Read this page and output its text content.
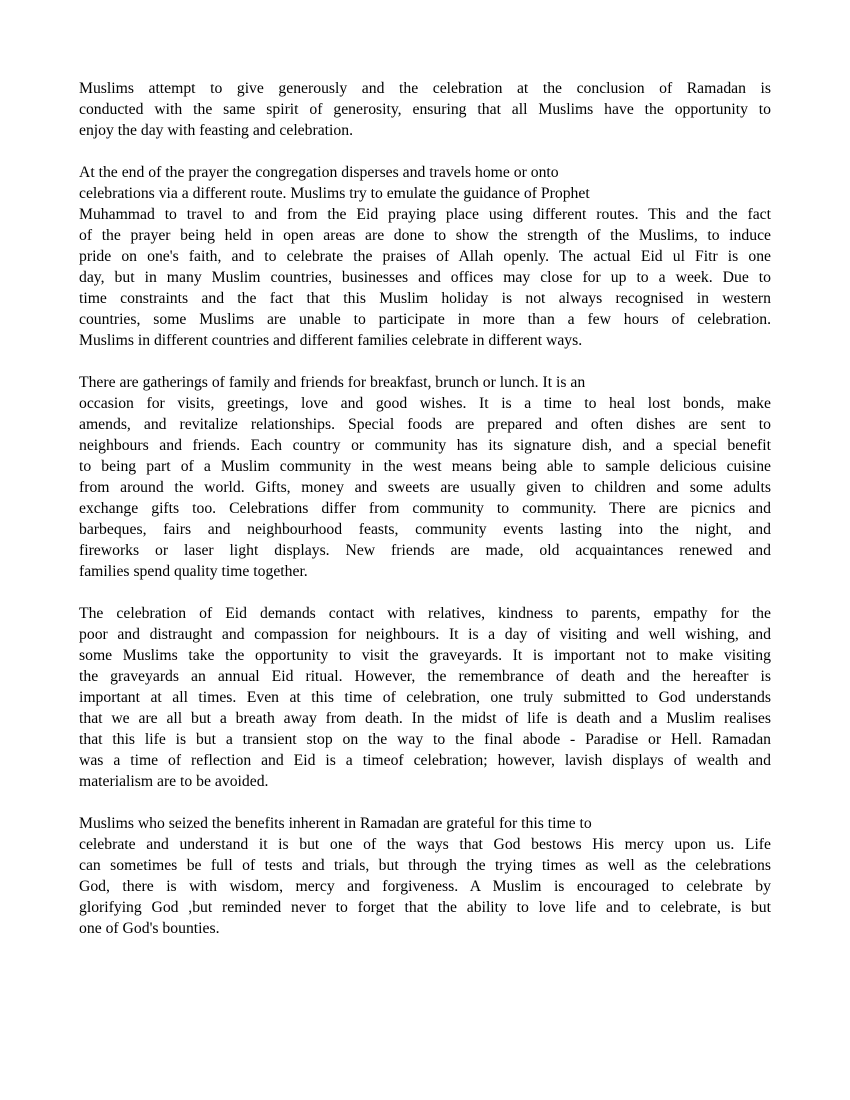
Muslims attempt to give generously and the celebration at the conclusion of Ramadan is
conducted with the same spirit of generosity, ensuring that all Muslims have the opportunity to
enjoy the day with feasting and celebration.

At the end of the prayer the congregation disperses and travels home or onto
celebrations via a different route. Muslims try to emulate the guidance of Prophet
Muhammad to travel to and from the Eid praying place using different routes. This and the fact
of the prayer being held in open areas are done to show the strength of the Muslims, to induce
pride on one's faith, and to celebrate the praises of Allah openly. The actual Eid ul Fitr is one
day, but in many Muslim countries, businesses and offices may close for up to a week. Due to
time constraints and the fact that this Muslim holiday is not always recognised in western
countries, some Muslims are unable to participate in more than a few hours of celebration.
Muslims in different countries and different families celebrate in different ways.

There are gatherings of family and friends for breakfast, brunch or lunch. It is an
occasion for visits, greetings, love and good wishes. It is a time to heal lost bonds, make
amends, and revitalize relationships. Special foods are prepared and often dishes are sent to
neighbours and friends. Each country or community has its signature dish, and a special benefit
to being part of a Muslim community in the west means being able to sample delicious cuisine
from around the world. Gifts, money and sweets are usually given to children and some adults
exchange gifts too. Celebrations differ from community to community. There are picnics and
barbeques, fairs and neighbourhood feasts, community events lasting into the night, and
fireworks or laser light displays. New friends are made, old acquaintances renewed and
families spend quality time together.

The celebration of Eid demands contact with relatives, kindness to parents, empathy for the
poor and distraught and compassion for neighbours. It is a day of visiting and well wishing, and
some Muslims take the opportunity to visit the graveyards. It is important not to make visiting
the graveyards an annual Eid ritual. However, the remembrance of death and the hereafter is
important at all times. Even at this time of celebration, one truly submitted to God understands
that we are all but a breath away from death. In the midst of life is death and a Muslim realises
that this life is but a transient stop on the way to the final abode - Paradise or Hell. Ramadan
was a time of reflection and Eid is a timeof celebration; however, lavish displays of wealth and
materialism are to be avoided.

Muslims who seized the benefits inherent in Ramadan are grateful for this time to
celebrate and understand it is but one of the ways that God bestows His mercy upon us. Life
can sometimes be full of tests and trials, but through the trying times as well as the celebrations
God, there is with wisdom, mercy and forgiveness. A Muslim is encouraged to celebrate by
glorifying God ,but reminded never to forget that the ability to love life and to celebrate, is but
one of God's bounties.
